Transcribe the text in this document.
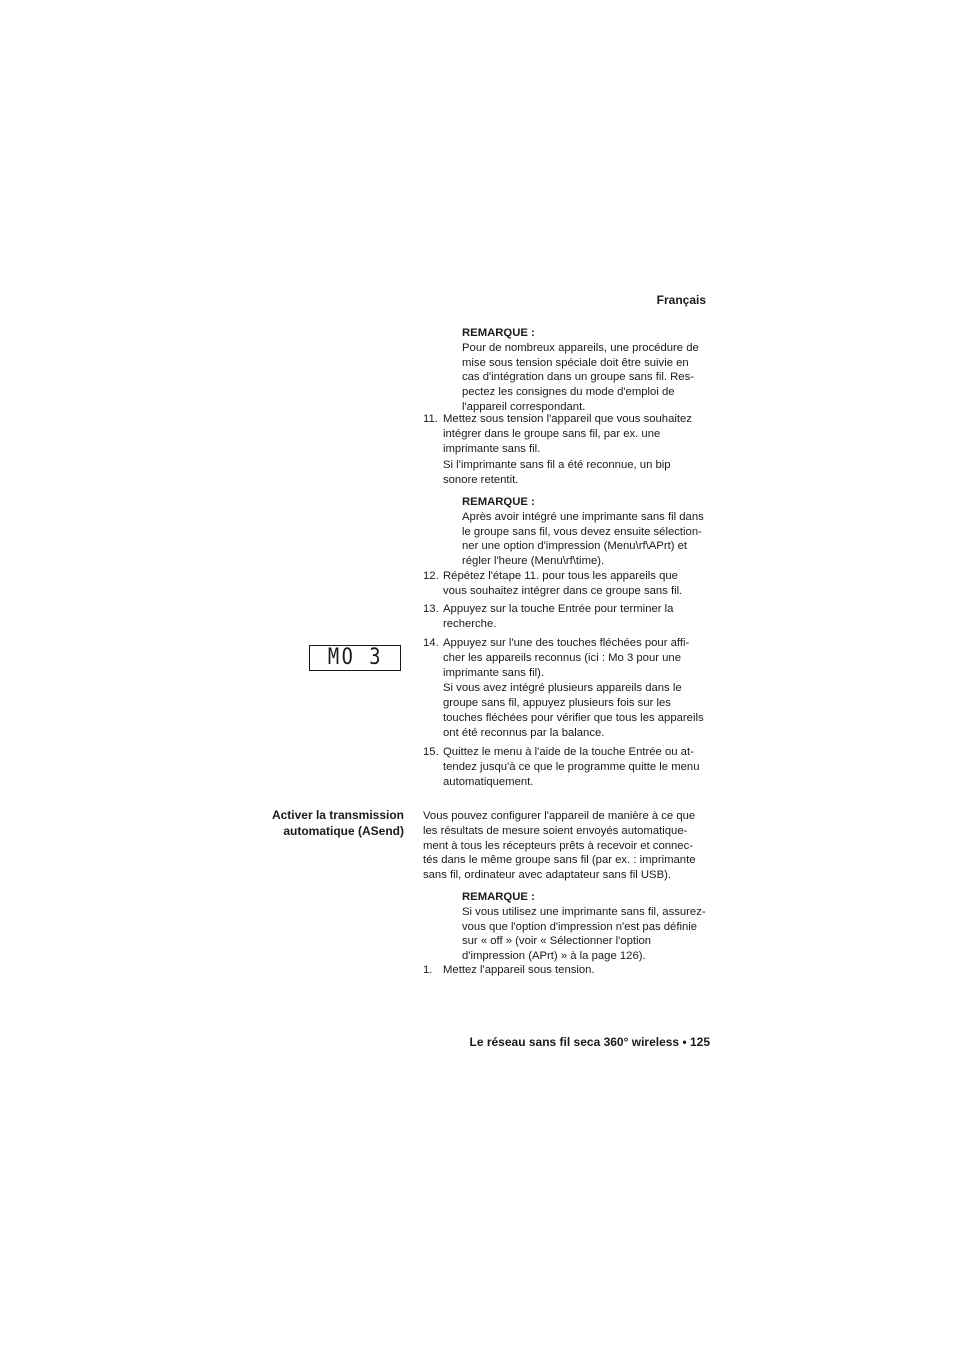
Français

REMARQUE :

Pour de nombreux appareils, une procédure de

mise sous tension spéciale doit être suivie en

cas d'intégration dans un groupe sans fil. Res-

pectez les consignes du mode d'emploi de

l'appareil correspondant.

11. Mettez sous tension l'appareil que vous souhaitez

intégrer dans le groupe sans fil, par ex. une

imprimante sans fil.

Si l'imprimante sans fil a été reconnue, un bip

sonore retentit.

REMARQUE :

Après avoir intégré une imprimante sans fil dans

le groupe sans fil, vous devez ensuite sélection-

ner une option d'impression (Menu\rf\APrt) et

régler l'heure (Menu\rf\time).

12. Répétez l'étape 11. pour tous les appareils que

vous souhaitez intégrer dans ce groupe sans fil.

13. Appuyez sur la touche Entrée pour terminer la

recherche.

MO 3
14. Appuyez sur l'une des touches fléchées pour affi-

cher les appareils reconnus (ici : Mo 3 pour une

imprimante sans fil).

Si vous avez intégré plusieurs appareils dans le

groupe sans fil, appuyez plusieurs fois sur les

touches fléchées pour vérifier que tous les appareils

ont été reconnus par la balance.

15. Quittez le menu à l'aide de la touche Entrée ou at-

tendez jusqu'à ce que le programme quitte le menu

automatiquement.

Activer la transmission
automatique (ASend)

Vous pouvez configurer l'appareil de manière à ce que

les résultats de mesure soient envoyés automatique-

ment à tous les récepteurs prêts à recevoir et connec-

tés dans le même groupe sans fil (par ex. : imprimante

sans fil, ordinateur avec adaptateur sans fil USB).

REMARQUE :

Si vous utilisez une imprimante sans fil, assurez-

vous que l'option d'impression n'est pas définie

sur « off » (voir « Sélectionner l'option

d'impression (APrt) » à la page 126).

1. Mettez l'appareil sous tension.

Le réseau sans fil seca 360° wireless • 125
